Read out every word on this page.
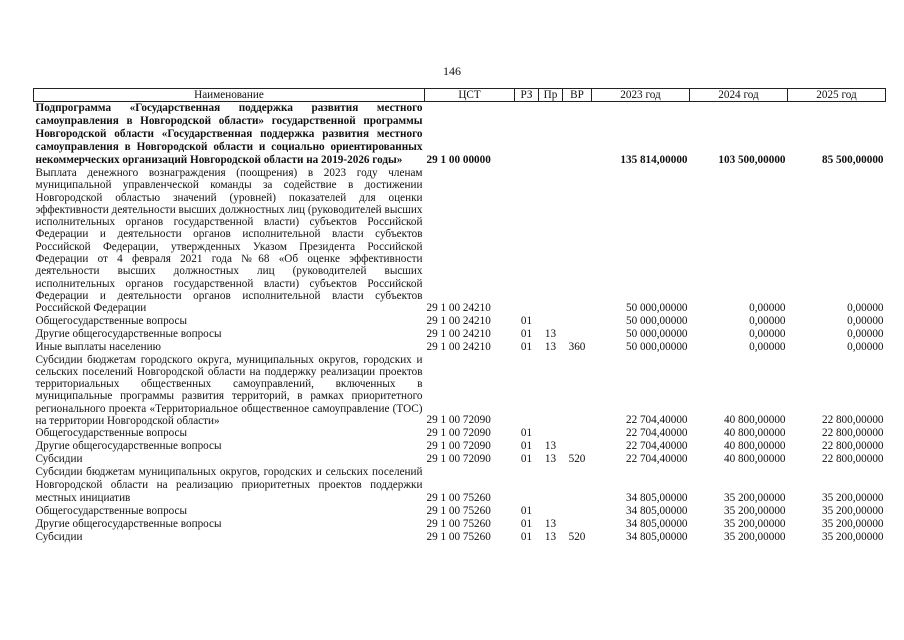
146
Наименование	ЦСТ	РЗ	Пр	ВР	2023 год	2024 год	2025 год

Подпрограмма «Государственная поддержка развития местного самоуправления в Новгородской области» государственной программы Новгородской области «Государственная поддержка развития местного самоуправления в Новгородской области и социально ориентированных некоммерческих организаций Новгородской области на 2019-2026 годы»	29 1 00 00000				135 814,00000	103 500,00000	85 500,00000

Выплата денежного вознаграждения (поощрения) в 2023 году членам муниципальной управленческой команды за содействие в достижении Новгородской областью значений (уровней) показателей для оценки эффективности деятельности высших должностных лиц (руководителей высших исполнительных органов государственной власти) субъектов Российской Федерации и деятельности органов исполнительной власти субъектов Российской Федерации, утвержденных Указом Президента Российской Федерации от 4 февраля 2021 года №68 «Об оценке эффективности деятельности высших должностных лиц (руководителей высших исполнительных органов государственной власти) субъектов Российской Федерации и деятельности органов исполнительной власти субъектов Российской Федерации	29 1 00 24210				50 000,00000	0,00000	0,00000

Общегосударственные вопросы	29 1 00 24210	01			50 000,00000	0,00000	0,00000

Другие общегосударственные вопросы	29 1 00 24210	01	13		50 000,00000	0,00000	0,00000

Иные выплаты населению	29 1 00 24210	01	13	360	50 000,00000	0,00000	0,00000

Субсидии бюджетам городского округа, муниципальных округов, городских и сельских поселений Новгородской области на поддержку реализации проектов территориальных общественных самоуправлений, включенных в муниципальные программы развития территорий, в рамках приоритетного регионального проекта «Территориальное общественное самоуправление (ТОС) на территории Новгородской области»	29 1 00 72090				22 704,40000	40 800,00000	22 800,00000

Общегосударственные вопросы	29 1 00 72090	01			22 704,40000	40 800,00000	22 800,00000

Другие общегосударственные вопросы	29 1 00 72090	01	13		22 704,40000	40 800,00000	22 800,00000

Субсидии	29 1 00 72090	01	13	520	22 704,40000	40 800,00000	22 800,00000

Субсидии бюджетам муниципальных округов, городских и сельских поселений Новгородской области на реализацию приоритетных проектов поддержки местных инициатив	29 1 00 75260				34 805,00000	35 200,00000	35 200,00000

Общегосударственные вопросы	29 1 00 75260	01			34 805,00000	35 200,00000	35 200,00000

Другие общегосударственные вопросы	29 1 00 75260	01	13		34 805,00000	35 200,00000	35 200,00000

Субсидии	29 1 00 75260	01	13	520	34 805,00000	35 200,00000	35 200,00000
